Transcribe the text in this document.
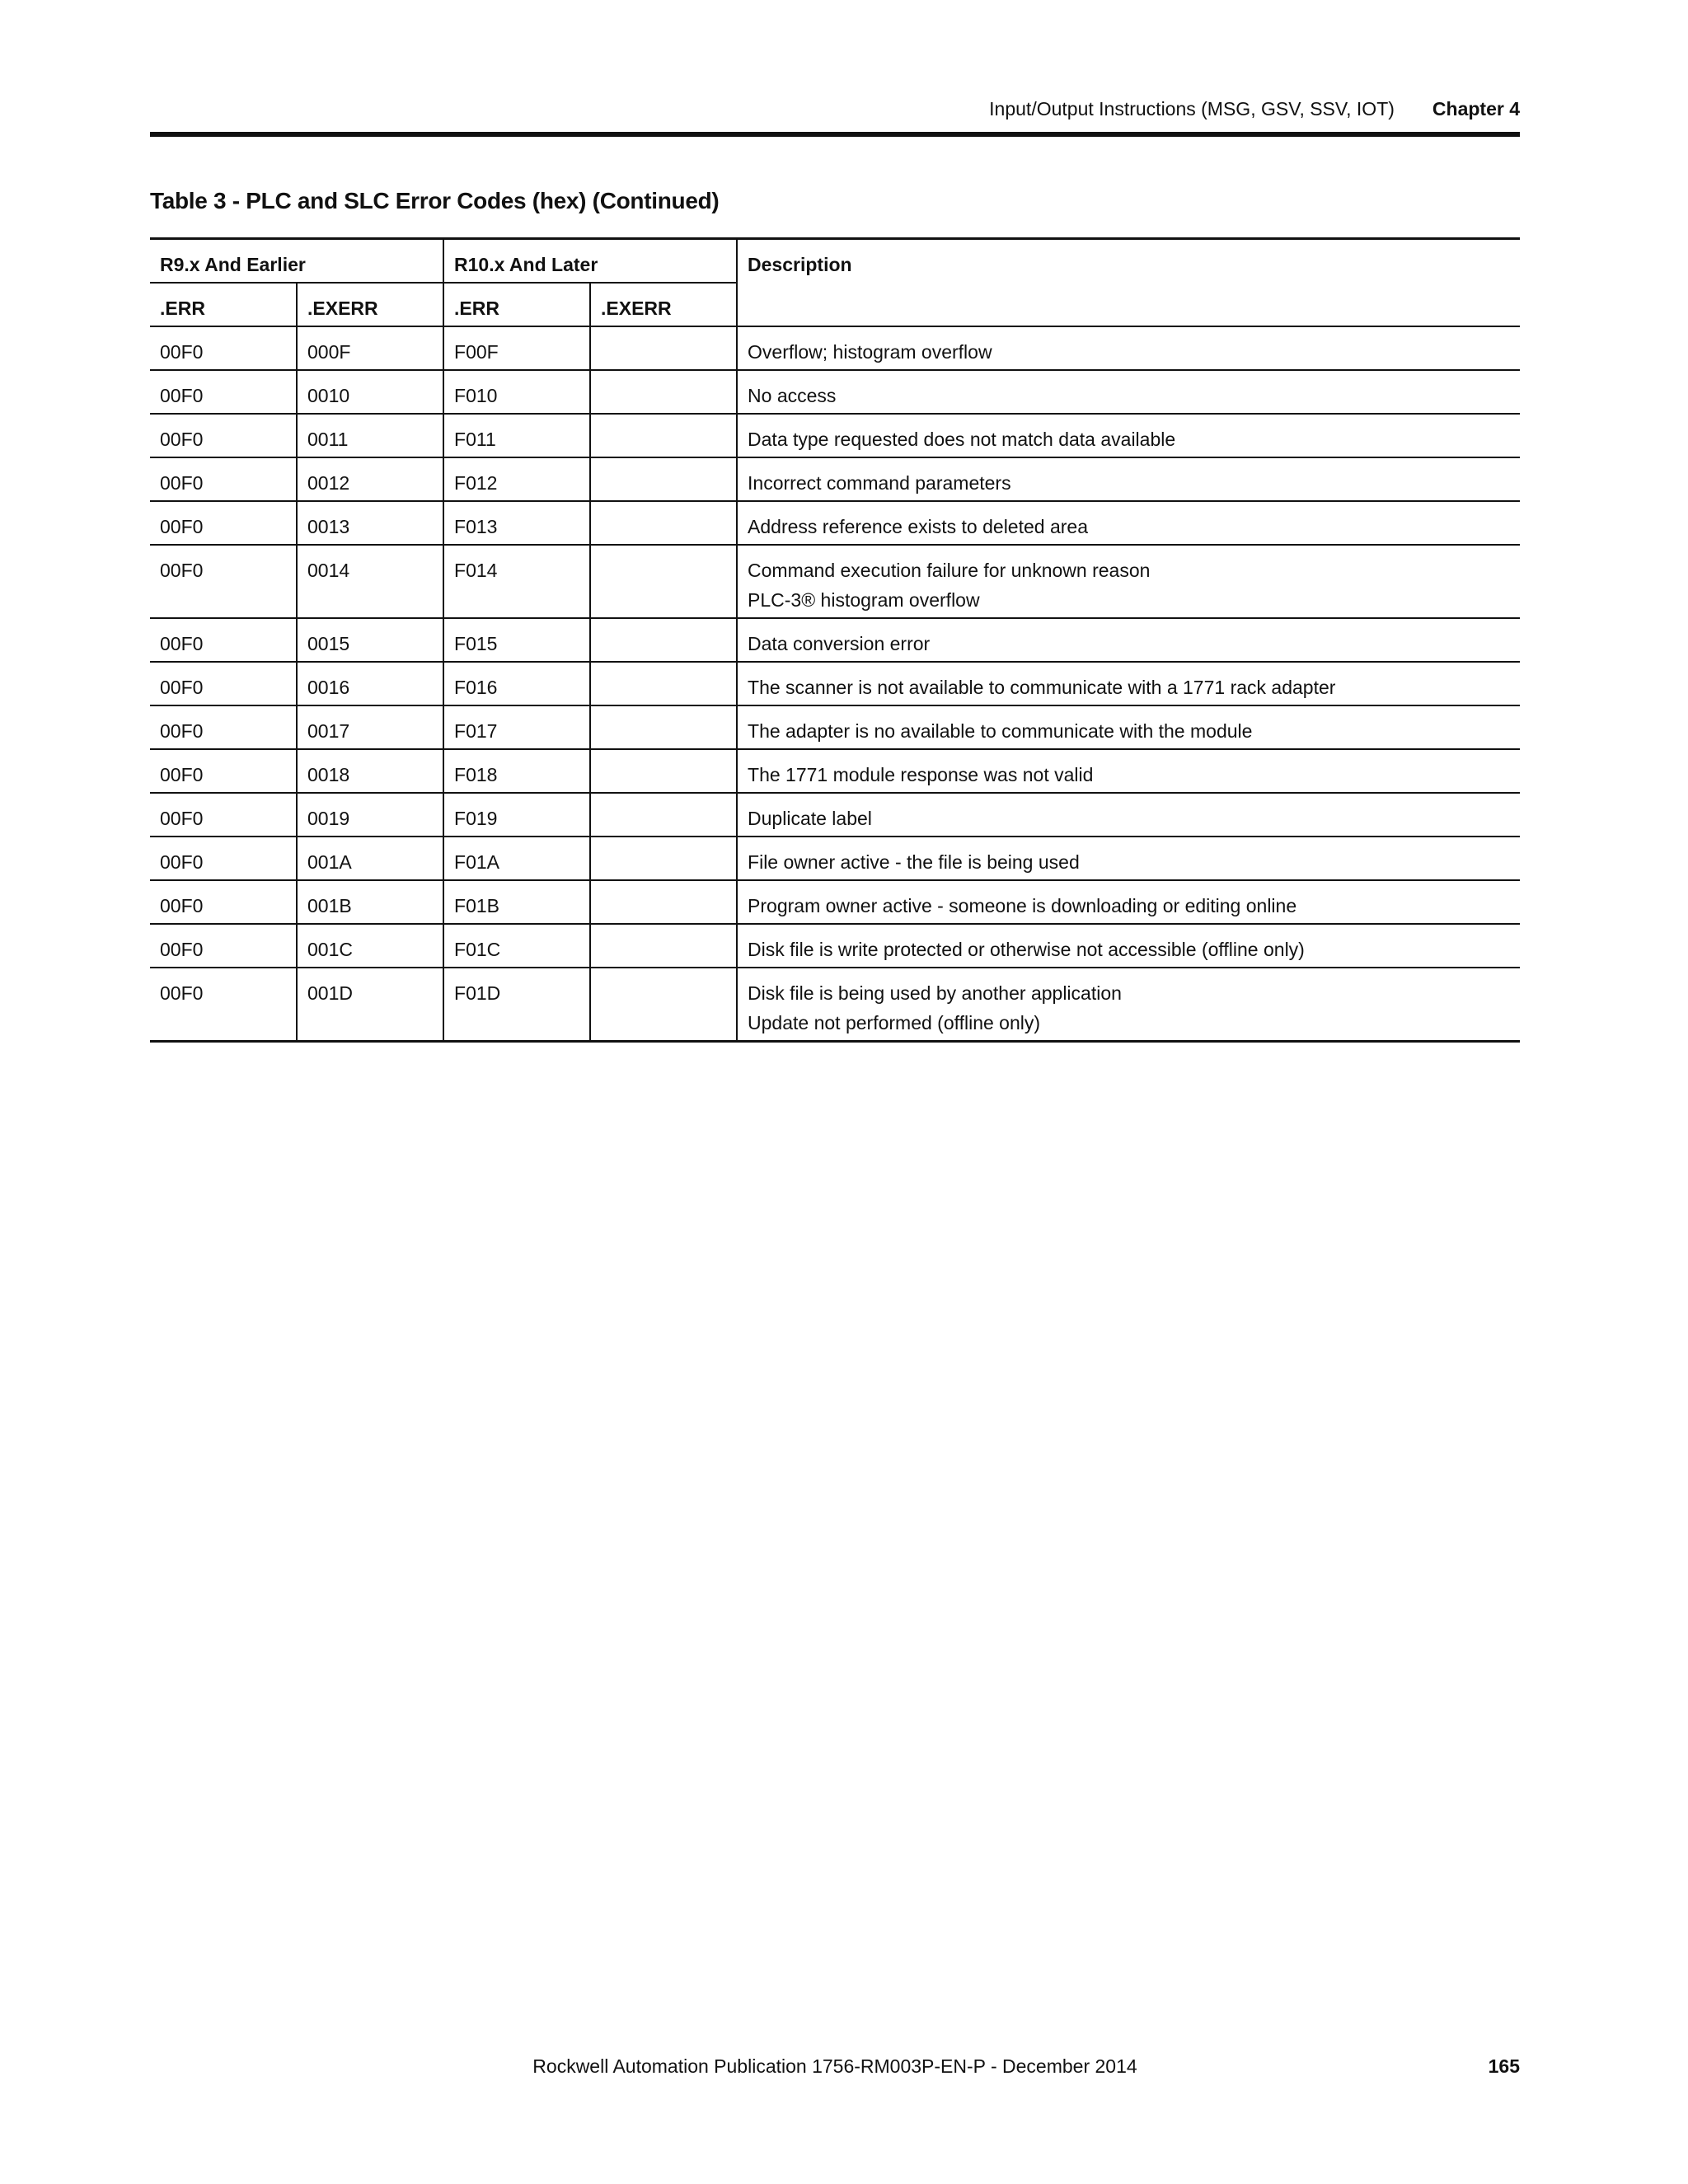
Input/Output Instructions (MSG, GSV, SSV, IOT) Chapter 4
Table 3 - PLC and SLC Error Codes (hex) (Continued)
R9.x And Earlier		R10.x And Later		Description
.ERR	.EXERR	.ERR	.EXERR	
00F0	000F	F00F		Overflow; histogram overflow

00F0	0010	F010		No access

00F0	0011	F011		Data type requested does not match data available

00F0	0012	F012		Incorrect command parameters

00F0	0013	F013		Address reference exists to deleted area

00F0	0014	F014		Command execution failure for unknown reason
PLC-3® histogram overflow

00F0	0015	F015		Data conversion error

00F0	0016	F016		The scanner is not available to communicate with a 1771 rack adapter

00F0	0017	F017		The adapter is no available to communicate with the module

00F0	0018	F018		The 1771 module response was not valid

00F0	0019	F019		Duplicate label

00F0	001A	F01A		File owner active - the file is being used

00F0	001B	F01B		Program owner active - someone is downloading or editing online

00F0	001C	F01C		Disk file is write protected or otherwise not accessible (offline only)

00F0	001D	F01D		Disk file is being used by another application
Update not performed (offline only)
Rockwell Automation Publication 1756-RM003P-EN-P - December 2014	165
